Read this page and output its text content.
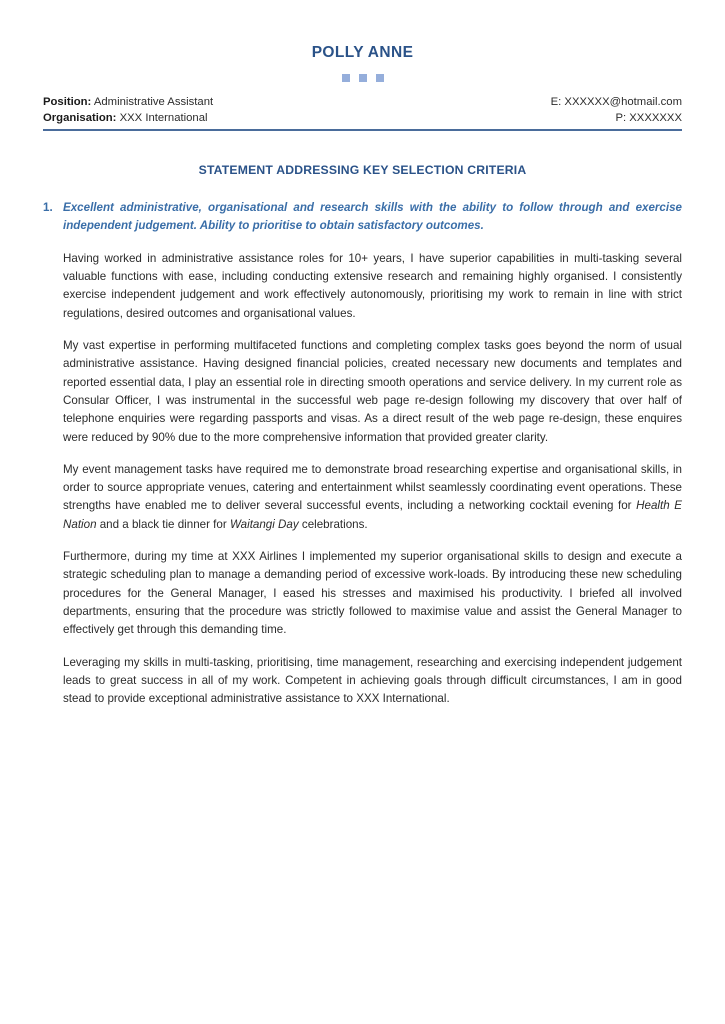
POLLY ANNE
Position: Administrative Assistant
Organisation: XXX International
E: XXXXXX@hotmail.com
P: XXXXXXX
STATEMENT ADDRESSING KEY SELECTION CRITERIA
1. Excellent administrative, organisational and research skills with the ability to follow through and exercise independent judgement. Ability to prioritise to obtain satisfactory outcomes.

Having worked in administrative assistance roles for 10+ years, I have superior capabilities in multi-tasking several valuable functions with ease, including conducting extensive research and remaining highly organised. I consistently exercise independent judgement and work effectively autonomously, prioritising my work to remain in line with strict regulations, desired outcomes and organisational values.

My vast expertise in performing multifaceted functions and completing complex tasks goes beyond the norm of usual administrative assistance. Having designed financial policies, created necessary new documents and templates and reported essential data, I play an essential role in directing smooth operations and service delivery. In my current role as Consular Officer, I was instrumental in the successful web page re-design following my discovery that over half of telephone enquiries were regarding passports and visas. As a direct result of the web page re-design, these enquires were reduced by 90% due to the more comprehensive information that provided greater clarity.

My event management tasks have required me to demonstrate broad researching expertise and organisational skills, in order to source appropriate venues, catering and entertainment whilst seamlessly coordinating event operations. These strengths have enabled me to deliver several successful events, including a networking cocktail evening for Health E Nation and a black tie dinner for Waitangi Day celebrations.

Furthermore, during my time at XXX Airlines I implemented my superior organisational skills to design and execute a strategic scheduling plan to manage a demanding period of excessive work-loads. By introducing these new scheduling procedures for the General Manager, I eased his stresses and maximised his productivity. I briefed all involved departments, ensuring that the procedure was strictly followed to maximise value and assist the General Manager to effectively get through this demanding time.

Leveraging my skills in multi-tasking, prioritising, time management, researching and exercising independent judgement leads to great success in all of my work. Competent in achieving goals through difficult circumstances, I am in good stead to provide exceptional administrative assistance to XXX International.
